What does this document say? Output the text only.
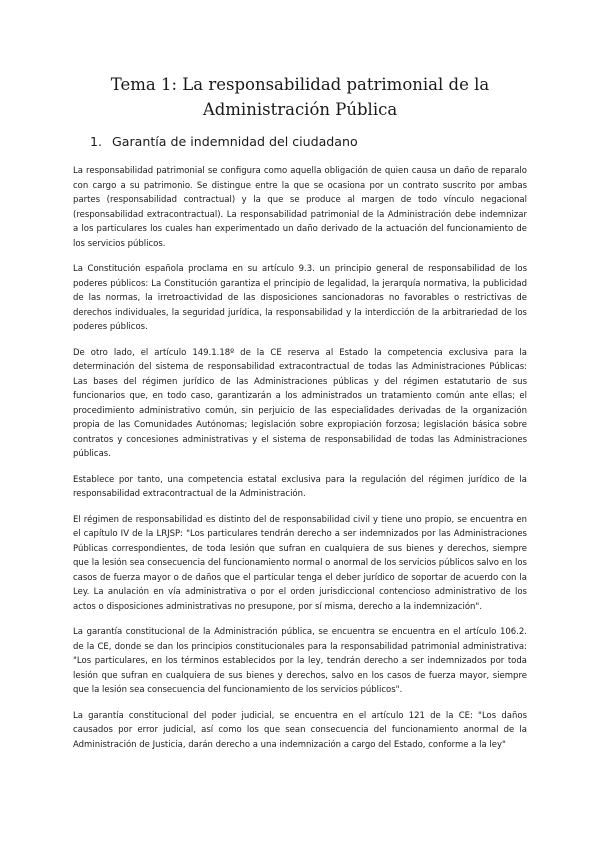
Tema 1: La responsabilidad patrimonial de la Administración Pública
1. Garantía de indemnidad del ciudadano

La responsabilidad patrimonial se configura como aquella obligación de quien causa un daño de reparalo con cargo a su patrimonio. Se distingue entre la que se ocasiona por un contrato suscrito por ambas partes (responsabilidad contractual) y la que se produce al margen de todo vínculo negacional (responsabilidad extracontractual). La responsabilidad patrimonial de la Administración debe indemnizar a los particulares los cuales han experimentado un daño derivado de la actuación del funcionamiento de los servicios públicos.

La Constitución española proclama en su artículo 9.3. un principio general de responsabilidad de los poderes públicos: La Constitución garantiza el principio de legalidad, la jerarquía normativa, la publicidad de las normas, la irretroactividad de las disposiciones sancionadoras no favorables o restrictivas de derechos individuales, la seguridad jurídica, la responsabilidad y la interdicción de la arbitrariedad de los poderes públicos.

De otro lado, el artículo 149.1.18º de la CE reserva al Estado la competencia exclusiva para la determinación del sistema de responsabilidad extracontractual de todas las Administraciones Públicas: Las bases del régimen jurídico de las Administraciones públicas y del régimen estatutario de sus funcionarios que, en todo caso, garantizarán a los administrados un tratamiento común ante ellas; el procedimiento administrativo común, sin perjuicio de las especialidades derivadas de la organización propia de las Comunidades Autónomas; legislación sobre expropiación forzosa; legislación básica sobre contratos y concesiones administrativas y el sistema de responsabilidad de todas las Administraciones públicas.

Establece por tanto, una competencia estatal exclusiva para la regulación del régimen jurídico de la responsabilidad extracontractual de la Administración.

El régimen de responsabilidad es distinto del de responsabilidad civil y tiene uno propio, se encuentra en el capítulo IV de la LRJSP: "Los particulares tendrán derecho a ser indemnizados por las Administraciones Públicas correspondientes, de toda lesión que sufran en cualquiera de sus bienes y derechos, siempre que la lesión sea consecuencia del funcionamiento normal o anormal de los servicios públicos salvo en los casos de fuerza mayor o de daños que el particular tenga el deber jurídico de soportar de acuerdo con la Ley. La anulación en vía administrativa o por el orden jurisdiccional contencioso administrativo de los actos o disposiciones administrativas no presupone, por sí misma, derecho a la indemnización".

La garantía constitucional de la Administración pública, se encuentra se encuentra en el artículo 106.2. de la CE, donde se dan los principios constitucionales para la responsabilidad patrimonial administrativa: "Los particulares, en los términos establecidos por la ley, tendrán derecho a ser indemnizados por toda lesión que sufran en cualquiera de sus bienes y derechos, salvo en los casos de fuerza mayor, siempre que la lesión sea consecuencia del funcionamiento de los servicios públicos".

La garantía constitucional del poder judicial, se encuentra en el artículo 121 de la CE: "Los daños causados por error judicial, así como los que sean consecuencia del funcionamiento anormal de la Administración de Justicia, darán derecho a una indemnización a cargo del Estado, conforme a la ley"
